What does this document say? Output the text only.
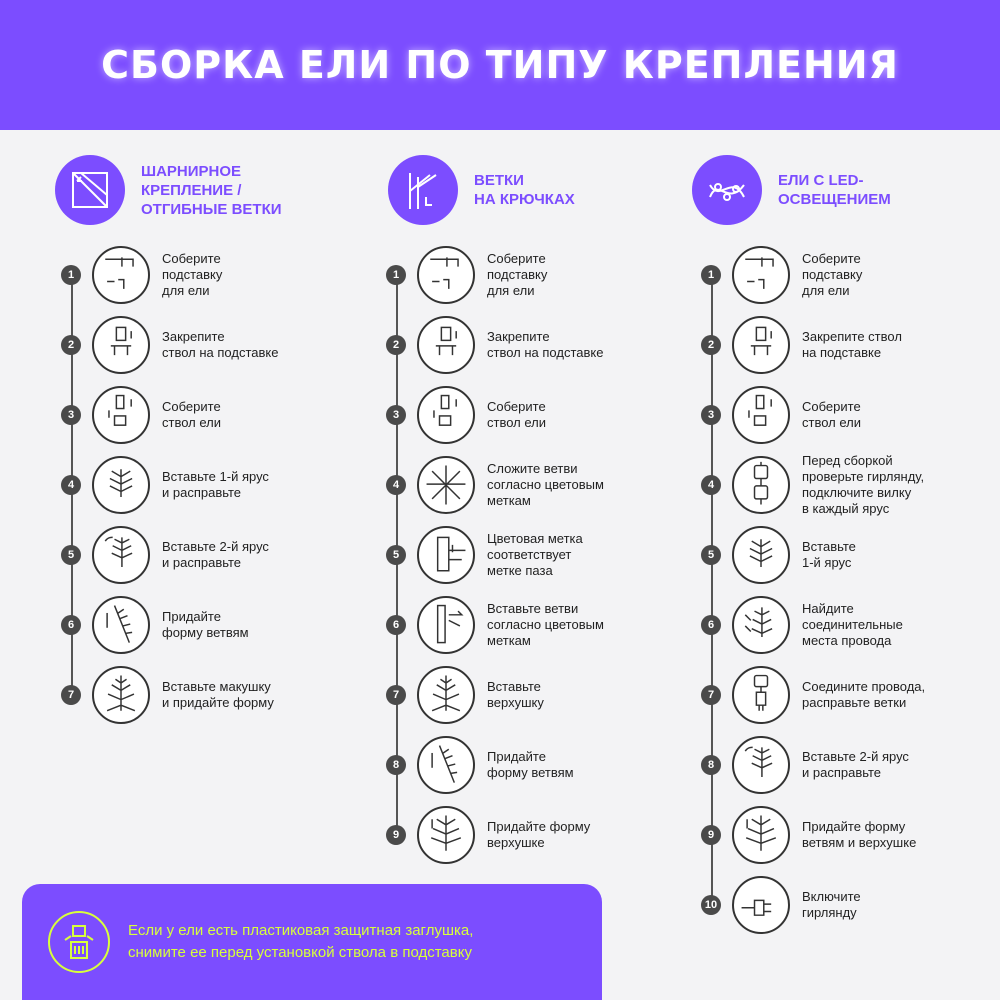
СБОРКА ЕЛИ ПО ТИПУ КРЕПЛЕНИЯ
ШАРНИРНОЕ
КРЕПЛЕНИЕ /
ОТГИБНЫЕ ВЕТКИ
1
Соберите
подставку
для ели
2
Закрепите
ствол на подставке
3
Соберите
ствол ели
4
Вставьте 1-й ярус
и расправьте
5
Вставьте 2-й ярус
и расправьте
6
Придайте
форму ветвям
7
Вставьте макушку
и придайте форму
ВЕТКИ
НА КРЮЧКАХ
1
Соберите
подставку
для ели
2
Закрепите
ствол на подставке
3
Соберите
ствол ели
4
Сложите ветви
согласно цветовым
меткам
5
Цветовая метка
соответствует
метке паза
6
Вставьте ветви
согласно цветовым
меткам
7
Вставьте
верхушку
8
Придайте
форму ветвям
9
Придайте форму
верхушке
ЕЛИ С LED-
ОСВЕЩЕНИЕМ
1
Соберите
подставку
для ели
2
Закрепите ствол
на подставке
3
Соберите
ствол ели
4
Перед сборкой
проверьте гирлянду,
подключите вилку
в каждый ярус
5
Вставьте
1-й ярус
6
Найдите
соединительные
места провода
7
Соедините провода,
расправьте ветки
8
Вставьте 2-й ярус
и расправьте
9
Придайте форму
ветвям и верхушке
10
Включите
гирлянду
Если у ели есть пластиковая защитная заглушка,
снимите ее перед установкой ствола в подставку
